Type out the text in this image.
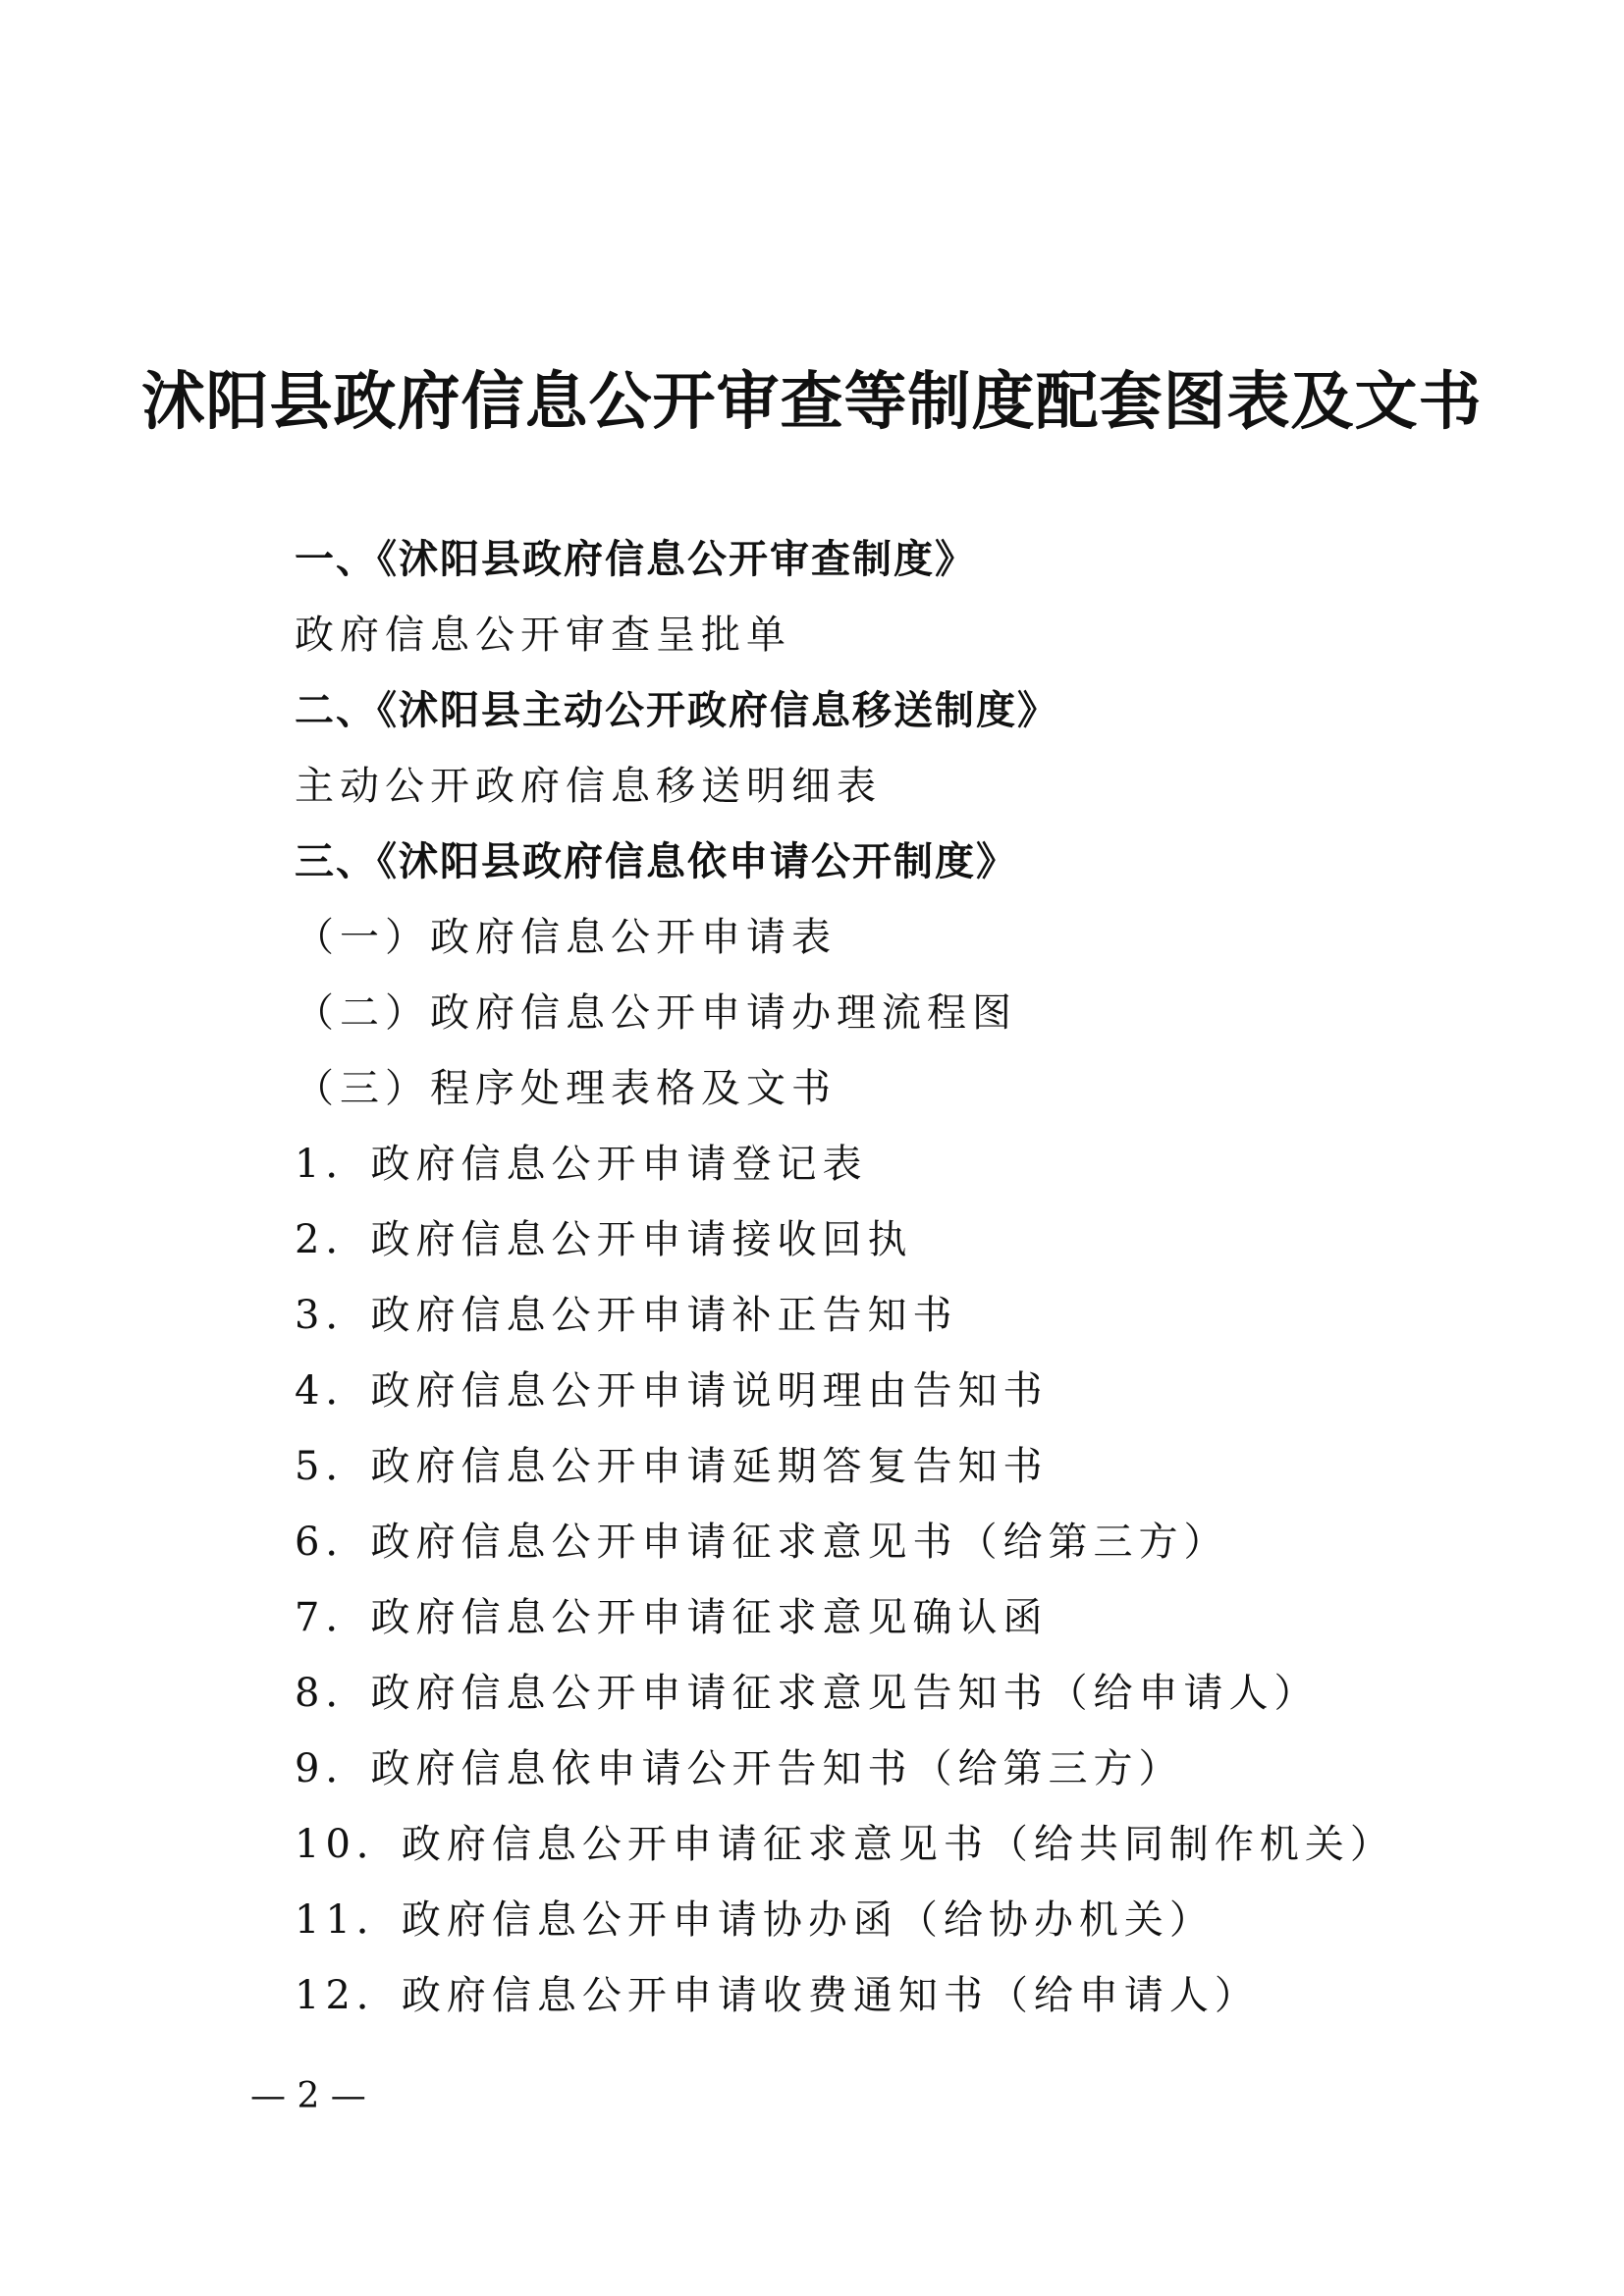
沭阳县政府信息公开审查等制度配套图表及文书
一、《沭阳县政府信息公开审查制度》
政府信息公开审查呈批单
二、《沭阳县主动公开政府信息移送制度》
主动公开政府信息移送明细表
三、《沭阳县政府信息依申请公开制度》
（一）政府信息公开申请表
（二）政府信息公开申请办理流程图
（三）程序处理表格及文书
1．政府信息公开申请登记表
2．政府信息公开申请接收回执
3．政府信息公开申请补正告知书
4．政府信息公开申请说明理由告知书
5．政府信息公开申请延期答复告知书
6．政府信息公开申请征求意见书（给第三方）
7．政府信息公开申请征求意见确认函
8．政府信息公开申请征求意见告知书（给申请人）
9．政府信息依申请公开告知书（给第三方）
10．政府信息公开申请征求意见书（给共同制作机关）
11．政府信息公开申请协办函（给协办机关）
12．政府信息公开申请收费通知书（给申请人）
— 2 —
